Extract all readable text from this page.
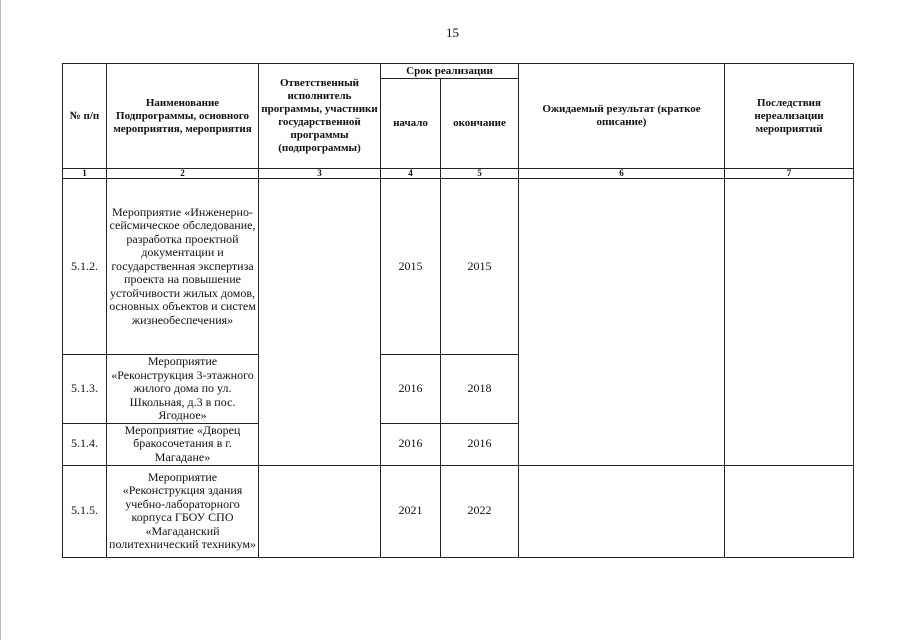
15
№ п/п	Наименование Подпрограммы, основного мероприятия, мероприятия	Ответственный исполнитель программы, участники государственной программы (подпрограммы)	Срок реализации		Ожидаемый результат (краткое описание)	Последствия нереализации мероприятий
			начало	окончание		
1	2	3	4	5	6	7
5.1.2.	Мероприятие «Инженерно-сейсмическое обследование, разработка проектной документации и государственная экспертиза проекта на повышение устойчивости жилых домов, основных объектов и систем жизнеобеспечения»		2015	2015		
5.1.3.	Мероприятие «Реконструкция 3-этажного жилого дома по ул. Школьная, д.3 в пос. Ягодное»		2016	2018		
5.1.4.	Мероприятие «Дворец бракосочетания в г. Магадане»		2016	2016		
5.1.5.	Мероприятие «Реконструкция здания учебно-лабораторного корпуса ГБОУ СПО «Магаданский политехнический техникум»		2021	2022		
